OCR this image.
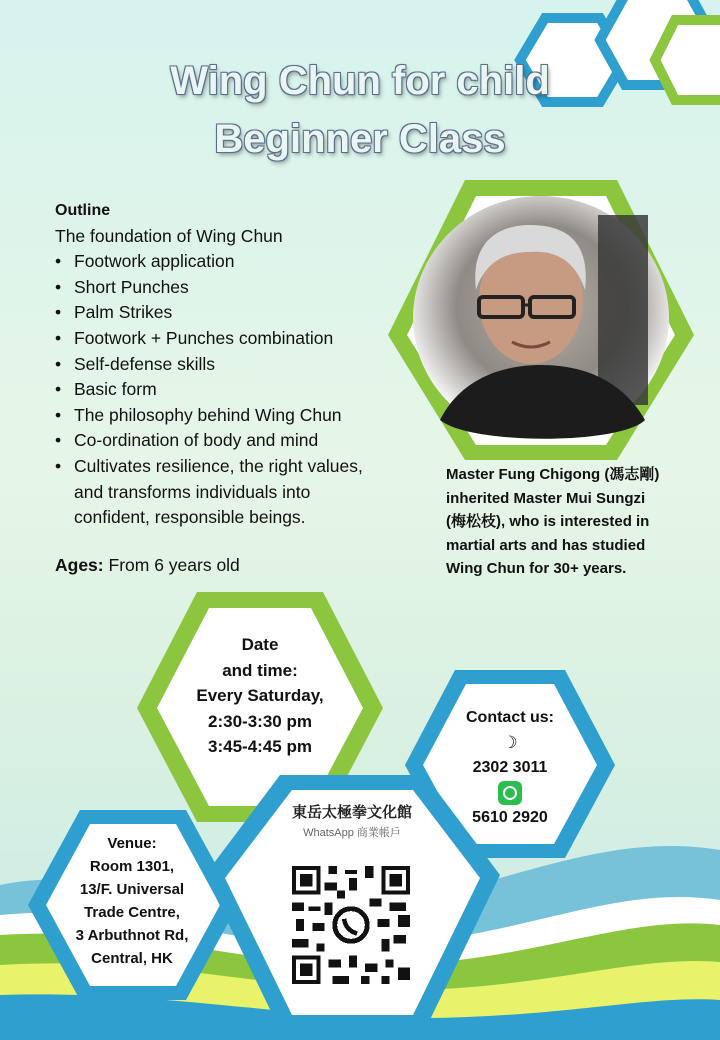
Wing Chun for child
Beginner Class
Outline
The foundation of Wing Chun
• Footwork application
• Short Punches
• Palm Strikes
• Footwork + Punches combination
• Self-defense skills
• Basic form
• The philosophy behind Wing Chun
• Co-ordination of body and mind
• Cultivates resilience, the right values,
and transforms individuals into
confident, responsible beings.
Ages: From 6 years old
Master Fung Chigong (馮志剛)
inherited Master Mui Sungzi
(梅松枝), who is interested in
martial arts and has studied
Wing Chun for 30+ years.
Date
and time:
Every Saturday,
2:30-3:30 pm
3:45-4:45 pm
Contact us:
☽
2302 3011
5610 2920
Venue:
Room 1301,
13/F. Universal
Trade Centre,
3 Arbuthnot Rd,
Central, HK
東岳太極拳文化館
WhatsApp 商業帳戶
